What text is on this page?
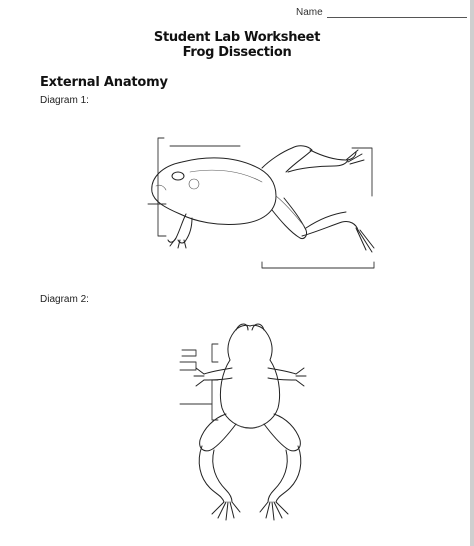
Name
Student Lab Worksheet
Frog Dissection
External Anatomy
Diagram 1:
Diagram 2:
